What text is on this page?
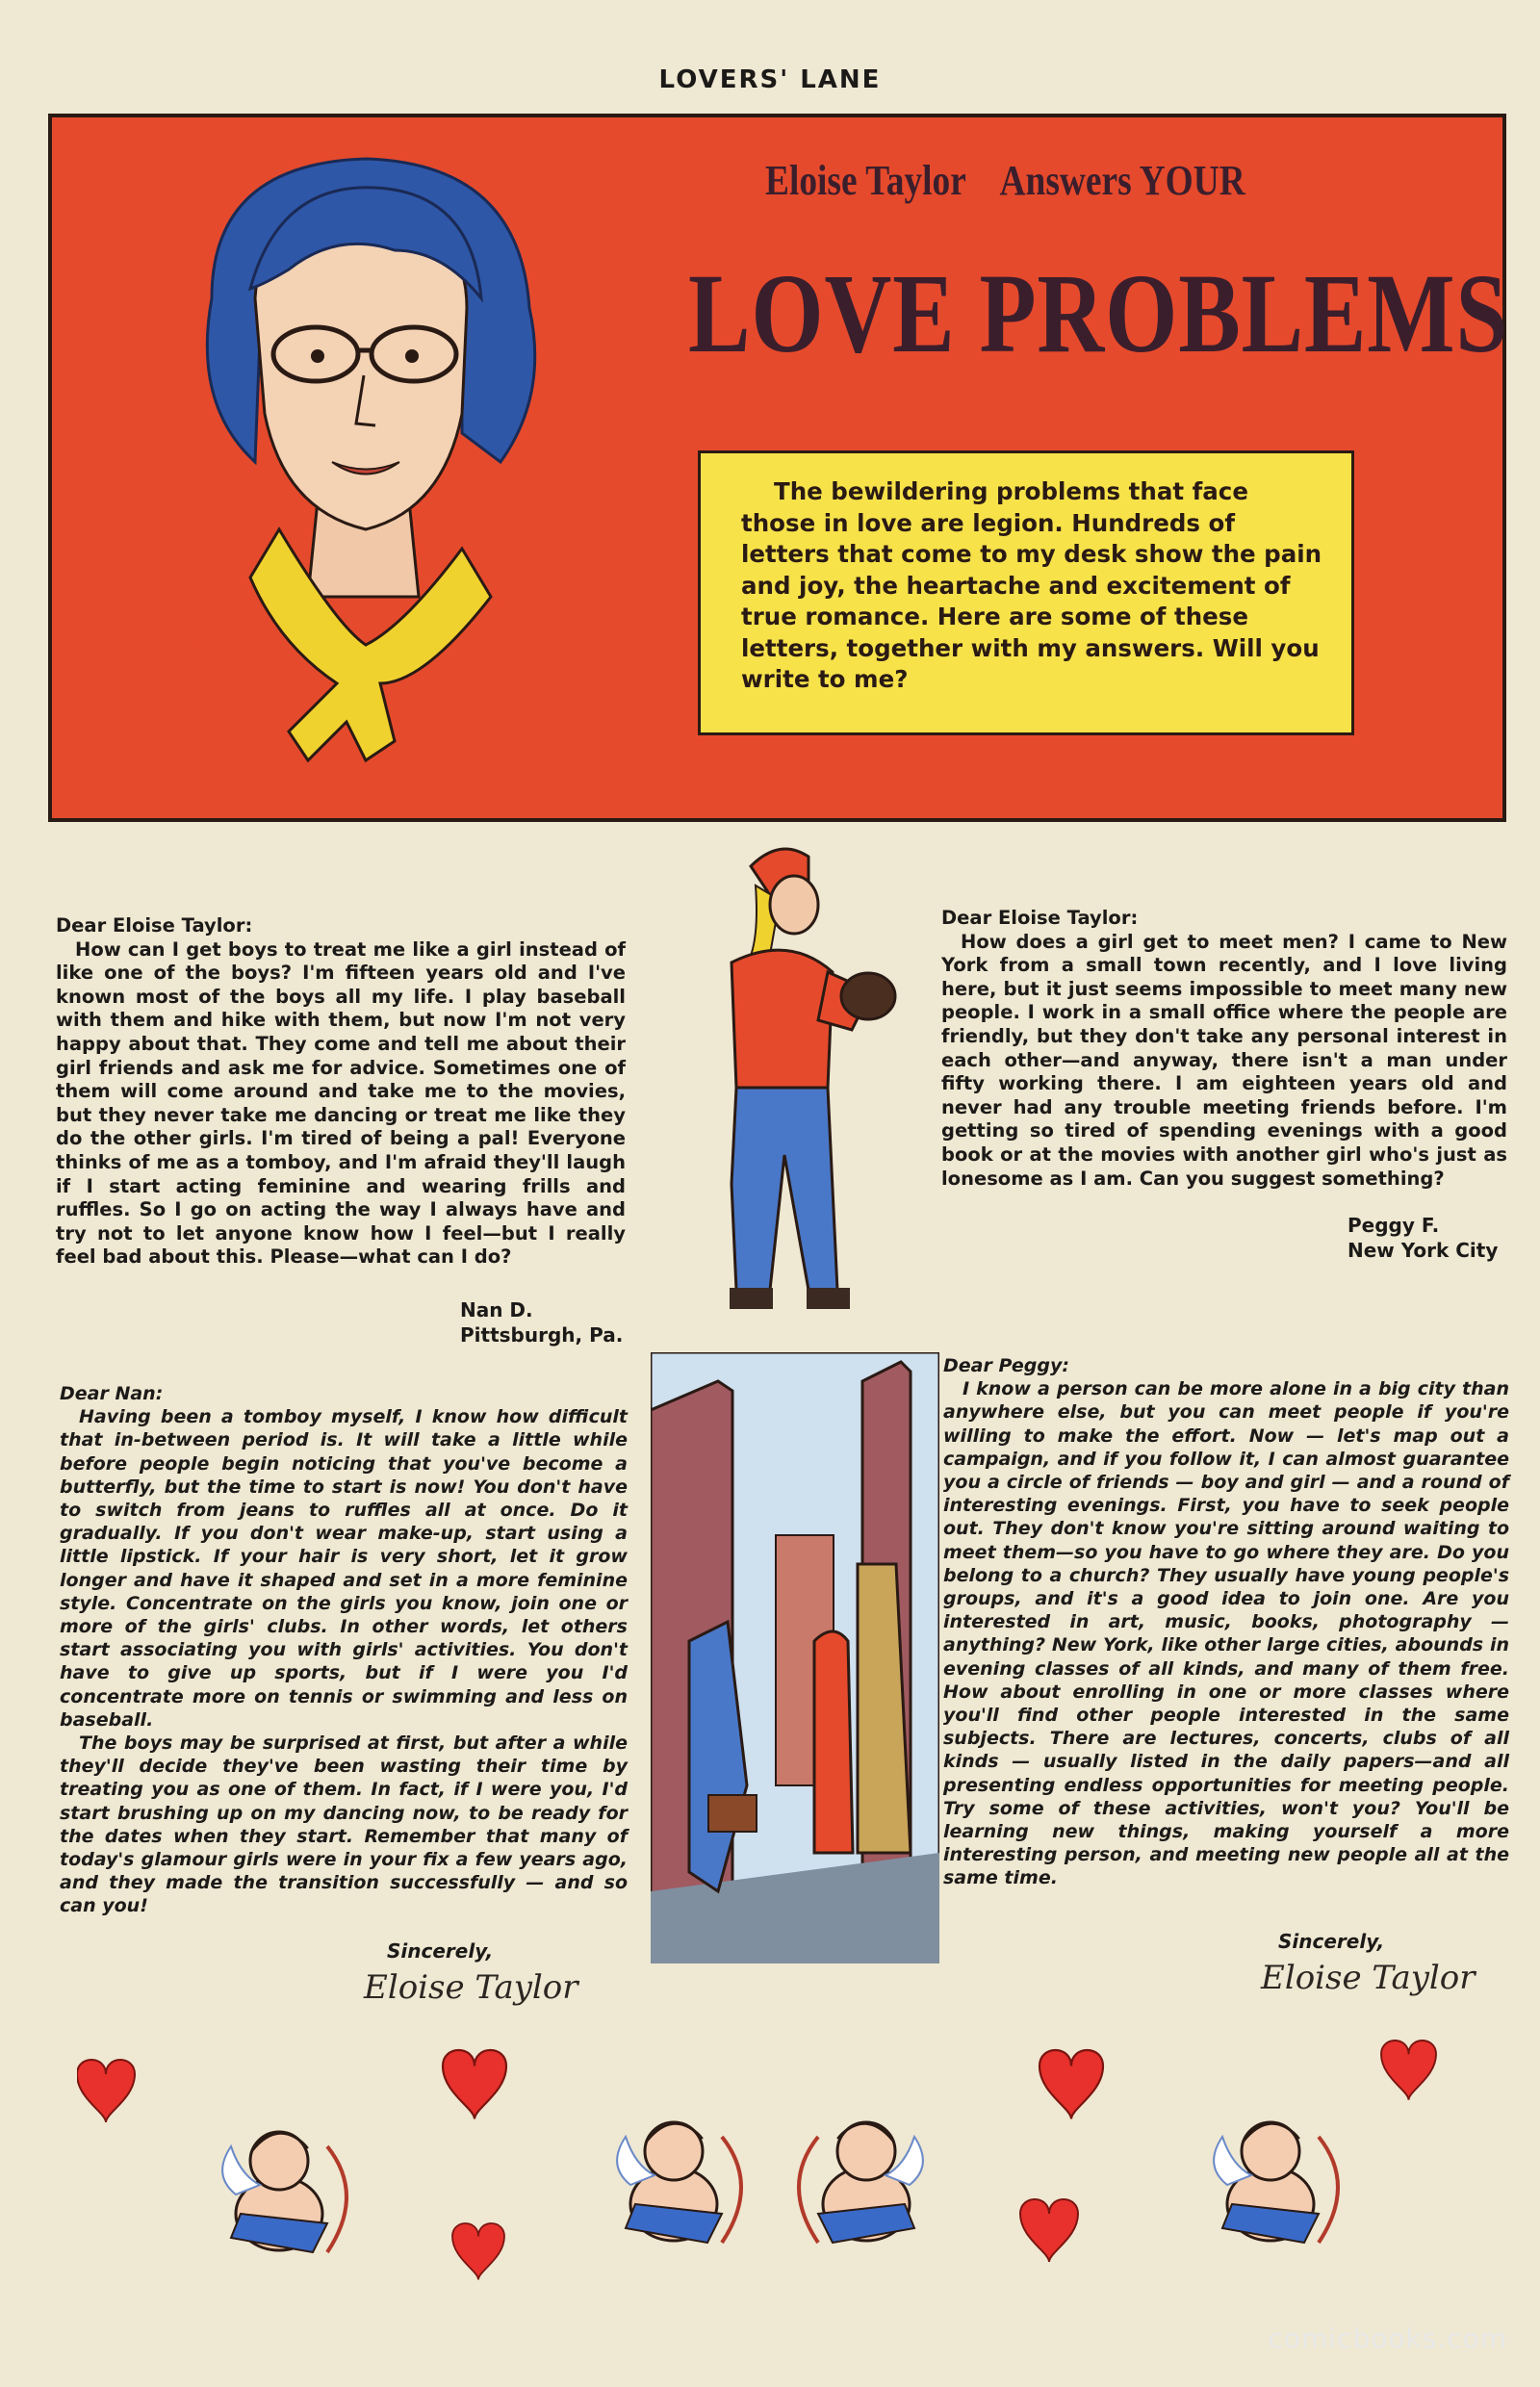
LOVERS' LANE
Eloise Taylor    Answers YOUR
LOVE PROBLEMS
The bewildering problems that face those in love are legion. Hundreds of letters that come to my desk show the pain and joy, the heartache and excitement of true romance. Here are some of these letters, together with my answers. Will you write to me?

Dear Eloise Taylor:

How can I get boys to treat me like a girl instead of like one of the boys? I'm fifteen years old and I've known most of the boys all my life. I play baseball with them and hike with them, but now I'm not very happy about that. They come and tell me about their girl friends and ask me for advice. Sometimes one of them will come around and take me to the movies, but they never take me dancing or treat me like they do the other girls. I'm tired of being a pal! Everyone thinks of me as a tomboy, and I'm afraid they'll laugh if I start acting feminine and wearing frills and ruffles. So I go on acting the way I always have and try not to let anyone know how I feel—but I really feel bad about this. Please—what can I do?

Nan D.
Pittsburgh, Pa.

Dear Eloise Taylor:

How does a girl get to meet men? I came to New York from a small town recently, and I love living here, but it just seems impossible to meet many new people. I work in a small office where the people are friendly, but they don't take any personal interest in each other—and anyway, there isn't a man under fifty working there. I am eighteen years old and never had any trouble meeting friends before. I'm getting so tired of spending evenings with a good book or at the movies with another girl who's just as lonesome as I am. Can you suggest something?

Peggy F.
New York City

Dear Nan:

Having been a tomboy myself, I know how difficult that in-between period is. It will take a little while before people begin noticing that you've become a butterfly, but the time to start is now! You don't have to switch from jeans to ruffles all at once. Do it gradually. If you don't wear make-up, start using a little lipstick. If your hair is very short, let it grow longer and have it shaped and set in a more feminine style. Concentrate on the girls you know, join one or more of the girls' clubs. In other words, let others start associating you with girls' activities. You don't have to give up sports, but if I were you I'd concentrate more on tennis or swimming and less on baseball.

The boys may be surprised at first, but after a while they'll decide they've been wasting their time by treating you as one of them. In fact, if I were you, I'd start brushing up on my dancing now, to be ready for the dates when they start. Remember that many of today's glamour girls were in your fix a few years ago, and they made the transition successfully — and so can you!

Sincerely,
Eloise Taylor

Dear Peggy:

I know a person can be more alone in a big city than anywhere else, but you can meet people if you're willing to make the effort. Now — let's map out a campaign, and if you follow it, I can almost guarantee you a circle of friends — boy and girl — and a round of interesting evenings. First, you have to seek people out. They don't know you're sitting around waiting to meet them—so you have to go where they are. Do you belong to a church? They usually have young people's groups, and it's a good idea to join one. Are you interested in art, music, books, photography — anything? New York, like other large cities, abounds in evening classes of all kinds, and many of them free. How about enrolling in one or more classes where you'll find other people interested in the same subjects. There are lectures, concerts, clubs of all kinds — usually listed in the daily papers—and all presenting endless opportunities for meeting people. Try some of these activities, won't you? You'll be learning new things, making yourself a more interesting person, and meeting new people all at the same time.

Sincerely,
Eloise Taylor
comicbooks.com
